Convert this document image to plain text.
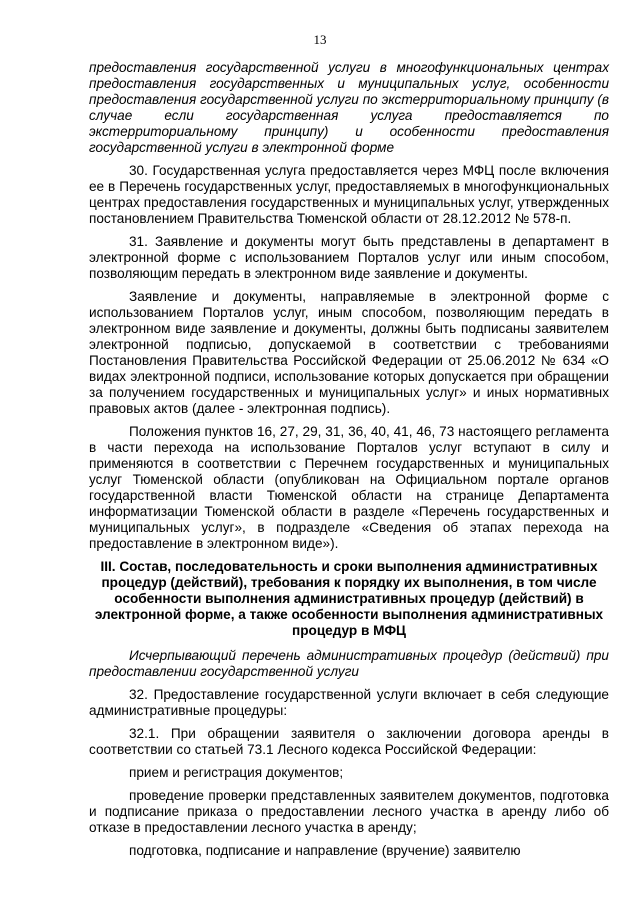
13

предоставления государственной услуги в многофункциональных центрах предоставления государственных и муниципальных услуг, особенности предоставления государственной услуги по экстерриториальному принципу (в случае если государственная услуга предоставляется по экстерриториальному принципу) и особенности предоставления государственной услуги в электронной форме

30. Государственная услуга предоставляется через МФЦ после включения ее в Перечень государственных услуг, предоставляемых в многофункциональных центрах предоставления государственных и муниципальных услуг, утвержденных постановлением Правительства Тюменской области от 28.12.2012 № 578-п.

31. Заявление и документы могут быть представлены в департамент в электронной форме с использованием Порталов услуг или иным способом, позволяющим передать в электронном виде заявление и документы.

Заявление и документы, направляемые в электронной форме с использованием Порталов услуг, иным способом, позволяющим передать в электронном виде заявление и документы, должны быть подписаны заявителем электронной подписью, допускаемой в соответствии с требованиями Постановления Правительства Российской Федерации от 25.06.2012 № 634 «О видах электронной подписи, использование которых допускается при обращении за получением государственных и муниципальных услуг» и иных нормативных правовых актов (далее - электронная подпись).

Положения пунктов 16, 27, 29, 31, 36, 40, 41, 46, 73 настоящего регламента в части перехода на использование Порталов услуг вступают в силу и применяются в соответствии с Перечнем государственных и муниципальных услуг Тюменской области (опубликован на Официальном портале органов государственной власти Тюменской области на странице Департамента информатизации Тюменской области в разделе «Перечень государственных и муниципальных услуг», в подразделе «Сведения об этапах перехода на предоставление в электронном виде»).

III. Состав, последовательность и сроки выполнения административных процедур (действий), требования к порядку их выполнения, в том числе особенности выполнения административных процедур (действий) в электронной форме, а также особенности выполнения административных процедур в МФЦ

Исчерпывающий перечень административных процедур (действий) при предоставлении государственной услуги

32. Предоставление государственной услуги включает в себя следующие административные процедуры:

32.1. При обращении заявителя о заключении договора аренды в соответствии со статьей 73.1 Лесного кодекса Российской Федерации:

прием и регистрация документов;

проведение проверки представленных заявителем документов, подготовка и подписание приказа о предоставлении лесного участка в аренду либо об отказе в предоставлении лесного участка в аренду;

подготовка, подписание и направление (вручение) заявителю
